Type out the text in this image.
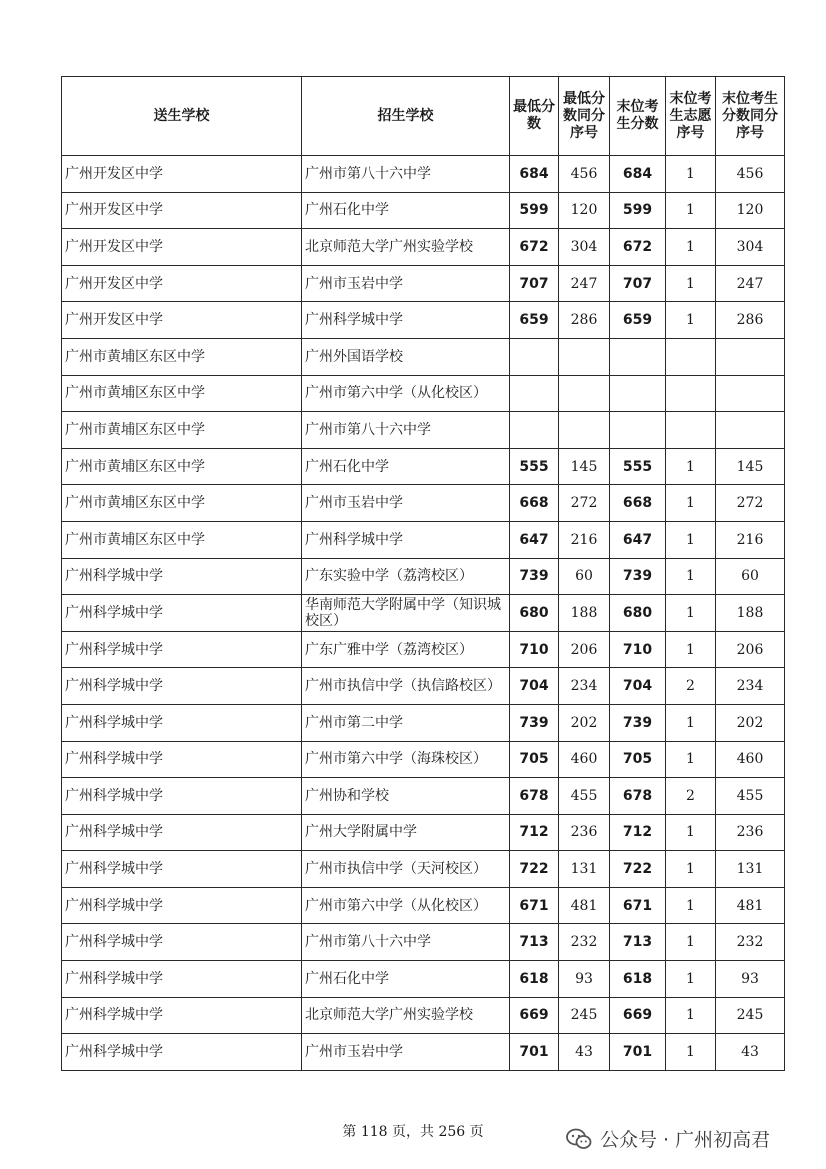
送生学校	招生学校	最低分数	最低分数同分序号	末位考生分数	末位考生志愿序号	末位考生分数同分序号
广州开发区中学	广州市第八十六中学	684	456	684	1	456
广州开发区中学	广州石化中学	599	120	599	1	120
广州开发区中学	北京师范大学广州实验学校	672	304	672	1	304
广州开发区中学	广州市玉岩中学	707	247	707	1	247
广州开发区中学	广州科学城中学	659	286	659	1	286
广州市黄埔区东区中学	广州外国语学校					
广州市黄埔区东区中学	广州市第六中学（从化校区）					
广州市黄埔区东区中学	广州市第八十六中学					
广州市黄埔区东区中学	广州石化中学	555	145	555	1	145
广州市黄埔区东区中学	广州市玉岩中学	668	272	668	1	272
广州市黄埔区东区中学	广州科学城中学	647	216	647	1	216
广州科学城中学	广东实验中学（荔湾校区）	739	60	739	1	60
广州科学城中学	华南师范大学附属中学（知识城校区）	680	188	680	1	188
广州科学城中学	广东广雅中学（荔湾校区）	710	206	710	1	206
广州科学城中学	广州市执信中学（执信路校区）	704	234	704	2	234
广州科学城中学	广州市第二中学	739	202	739	1	202
广州科学城中学	广州市第六中学（海珠校区）	705	460	705	1	460
广州科学城中学	广州协和学校	678	455	678	2	455
广州科学城中学	广州大学附属中学	712	236	712	1	236
广州科学城中学	广州市执信中学（天河校区）	722	131	722	1	131
广州科学城中学	广州市第六中学（从化校区）	671	481	671	1	481
广州科学城中学	广州市第八十六中学	713	232	713	1	232
广州科学城中学	广州石化中学	618	93	618	1	93
广州科学城中学	北京师范大学广州实验学校	669	245	669	1	245
广州科学城中学	广州市玉岩中学	701	43	701	1	43
第 118 页，共 256 页	公众号 · 广州初高君
